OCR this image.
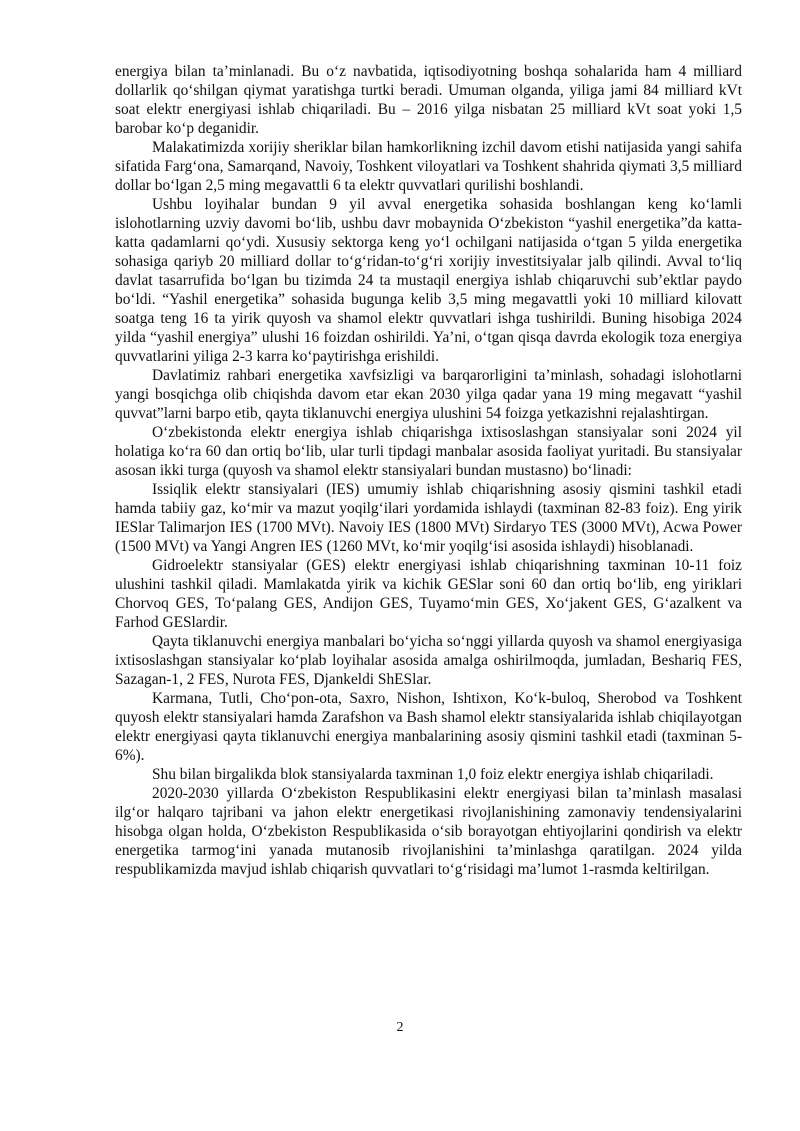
energiya bilan taʼminlanadi. Bu oʻz navbatida, iqtisodiyotning boshqa sohalarida ham 4 milliard dollarlik qoʻshilgan qiymat yaratishga turtki beradi. Umuman olganda, yiliga jami 84 milliard kVt soat elektr energiyasi ishlab chiqariladi. Bu – 2016 yilga nisbatan 25 milliard kVt soat yoki 1,5 barobar koʻp deganidir.

Malakatimizda xorijiy sheriklar bilan hamkorlikning izchil davom etishi natijasida yangi sahifa sifatida Fargʻona, Samarqand, Navoiy, Toshkent viloyatlari va Toshkent shahrida qiymati 3,5 milliard dollar boʻlgan 2,5 ming megavattli 6 ta elektr quvvatlari qurilishi boshlandi.

Ushbu loyihalar bundan 9 yil avval energetika sohasida boshlangan keng koʻlamli islohotlarning uzviy davomi boʻlib, ushbu davr mobaynida Oʻzbekiston “yashil energetika”da katta-katta qadamlarni qoʻydi. Xususiy sektorga keng yoʻl ochilgani natijasida oʻtgan 5 yilda energetika sohasiga qariyb 20 milliard dollar toʻgʻridan-toʻgʻri xorijiy investitsiyalar jalb qilindi. Avval toʻliq davlat tasarrufida boʻlgan bu tizimda 24 ta mustaqil energiya ishlab chiqaruvchi subʼektlar paydo boʻldi. “Yashil energetika” sohasida bugunga kelib 3,5 ming megavattli yoki 10 milliard kilovatt soatga teng 16 ta yirik quyosh va shamol elektr quvvatlari ishga tushirildi. Buning hisobiga 2024 yilda “yashil energiya” ulushi 16 foizdan oshirildi. Yaʼni, oʻtgan qisqa davrda ekologik toza energiya quvvatlarini yiliga 2-3 karra koʻpaytirishga erishildi.

Davlatimiz rahbari energetika xavfsizligi va barqarorligini taʼminlash, sohadagi islohotlarni yangi bosqichga olib chiqishda davom etar ekan 2030 yilga qadar yana 19 ming megavatt “yashil quvvat”larni barpo etib, qayta tiklanuvchi energiya ulushini 54 foizga yetkazishni rejalashtirgan.

Oʻzbekistonda elektr energiya ishlab chiqarishga ixtisoslashgan stansiyalar soni 2024 yil holatiga koʻra 60 dan ortiq boʻlib, ular turli tipdagi manbalar asosida faoliyat yuritadi. Bu stansiyalar asosan ikki turga (quyosh va shamol elektr stansiyalari bundan mustasno) boʻlinadi:

Issiqlik elektr stansiyalari (IES) umumiy ishlab chiqarishning asosiy qismini tashkil etadi hamda tabiiy gaz, koʻmir va mazut yoqilgʻilari yordamida ishlaydi (taxminan 82-83 foiz). Eng yirik IESlar Talimarjon IES (1700 MVt). Navoiy IES (1800 MVt) Sirdaryo TES (3000 MVt), Acwa Power (1500 MVt) va Yangi Angren IES (1260 MVt, koʻmir yoqilgʻisi asosida ishlaydi) hisoblanadi.

Gidroelektr stansiyalar (GES) elektr energiyasi ishlab chiqarishning taxminan 10-11 foiz ulushini tashkil qiladi. Mamlakatda yirik va kichik GESlar soni 60 dan ortiq boʻlib, eng yiriklari Chorvoq GES, Toʻpalang GES, Andijon GES, Tuyamoʻmin GES, Xoʻjakent GES, Gʻazalkent va Farhod GESlardir.

Qayta tiklanuvchi energiya manbalari boʻyicha soʻnggi yillarda quyosh va shamol energiyasiga ixtisoslashgan stansiyalar koʻplab loyihalar asosida amalga oshirilmoqda, jumladan, Beshariq FES, Sazagan-1, 2 FES, Nurota FES, Djankeldi ShESlar.

Karmana, Tutli, Choʻpon-ota, Saxro, Nishon, Ishtixon, Koʻk-buloq, Sherobod va Toshkent quyosh elektr stansiyalari hamda Zarafshon va Bash shamol elektr stansiyalarida ishlab chiqilayotgan elektr energiyasi qayta tiklanuvchi energiya manbalarining asosiy qismini tashkil etadi (taxminan 5-6%).

Shu bilan birgalikda blok stansiyalarda taxminan 1,0 foiz elektr energiya ishlab chiqariladi.

2020-2030 yillarda Oʻzbekiston Respublikasini elektr energiyasi bilan taʼminlash masalasi ilgʻor halqaro tajribani va jahon elektr energetikasi rivojlanishining zamonaviy tendensiyalarini hisobga olgan holda, Oʻzbekiston Respublikasida oʻsib borayotgan ehtiyojlarini qondirish va elektr energetika tarmogʻini yanada mutanosib rivojlanishini taʼminlashga qaratilgan. 2024 yilda respublikamizda mavjud ishlab chiqarish quvvatlari toʻgʻrisidagi maʼlumot 1-rasmda keltirilgan.

2
